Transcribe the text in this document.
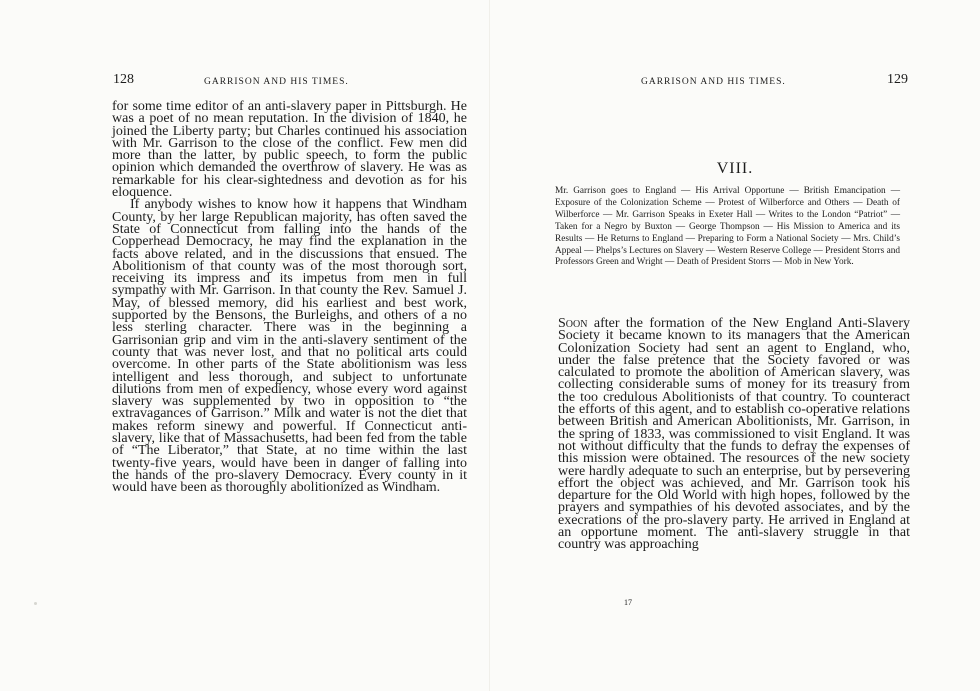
128	GARRISON AND HIS TIMES.

for some time editor of an anti-slavery paper in Pittsburgh. He was a poet of no mean reputation. In the division of 1840, he joined the Liberty party; but Charles continued his association with Mr. Garrison to the close of the conflict. Few men did more than the latter, by public speech, to form the public opinion which demanded the overthrow of slavery. He was as remarkable for his clear-sightedness and devotion as for his eloquence.

If anybody wishes to know how it happens that Windham County, by her large Republican majority, has often saved the State of Connecticut from falling into the hands of the Copperhead Democracy, he may find the explanation in the facts above related, and in the discussions that ensued. The Abolitionism of that county was of the most thorough sort, receiving its impress and its impetus from men in full sympathy with Mr. Garrison. In that county the Rev. Samuel J. May, of blessed memory, did his earliest and best work, supported by the Bensons, the Burleighs, and others of a no less sterling character. There was in the beginning a Garrisonian grip and vim in the anti-slavery sentiment of the county that was never lost, and that no political arts could overcome. In other parts of the State abolitionism was less intelligent and less thorough, and subject to unfortunate dilutions from men of expediency, whose every word against slavery was supplemented by two in opposition to “the extravagances of Garrison.” Milk and water is not the diet that makes reform sinewy and powerful. If Connecticut anti-slavery, like that of Massachusetts, had been fed from the table of “The Liberator,” that State, at no time within the last twenty-five years, would have been in danger of falling into the hands of the pro-slavery Democracy. Every county in it would have been as thoroughly abolitionized as Windham.

GARRISON AND HIS TIMES.	129
VIII.

Mr. Garrison goes to England — His Arrival Opportune — British Emancipation — Exposure of the Colonization Scheme — Protest of Wilberforce and Others — Death of Wilberforce — Mr. Garrison Speaks in Exeter Hall — Writes to the London “Patriot” — Taken for a Negro by Buxton — George Thompson — His Mission to America and its Results — He Returns to England — Preparing to Form a National Society — Mrs. Child’s Appeal — Phelps’s Lectures on Slavery — Western Reserve College — President Storrs and Professors Green and Wright — Death of President Storrs — Mob in New York.

Soon after the formation of the New England Anti-Slavery Society it became known to its managers that the American Colonization Society had sent an agent to England, who, under the false pretence that the Society favored or was calculated to promote the abolition of American slavery, was collecting considerable sums of money for its treasury from the too credulous Abolitionists of that country. To counteract the efforts of this agent, and to establish co-operative relations between British and American Abolitionists, Mr. Garrison, in the spring of 1833, was commissioned to visit England. It was not without difficulty that the funds to defray the expenses of this mission were obtained. The resources of the new society were hardly adequate to such an enterprise, but by persevering effort the object was achieved, and Mr. Garrison took his departure for the Old World with high hopes, followed by the prayers and sympathies of his devoted associates, and by the execrations of the pro-slavery party. He arrived in England at an opportune moment. The anti-slavery struggle in that country was approaching

17
